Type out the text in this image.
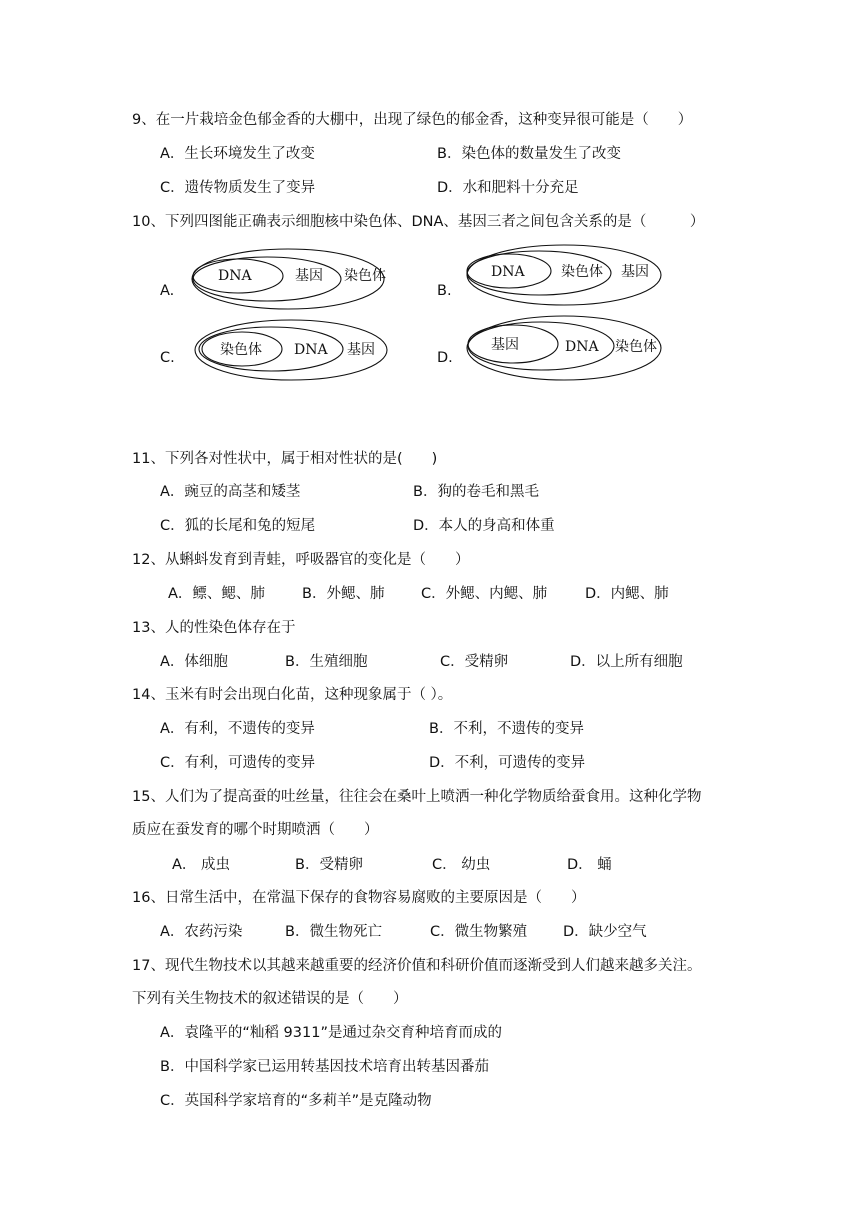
9、在一片栽培金色郁金香的大棚中，出现了绿色的郁金香，这种变异很可能是（　　）
A．生长环境发生了改变	B．染色体的数量发生了改变
C．遗传物质发生了变异	D．水和肥料十分充足
10、下列四图能正确表示细胞核中染色体、DNA、基因三者之间包含关系的是（　　　）
A.
DNA	基因 染色体
B.
DNA	染色体 基因
C.	染色体 DNA 基因	D.
基因	DNA 染色体
11、下列各对性状中，属于相对性状的是(　　)
A．豌豆的高茎和矮茎	B．狗的卷毛和黑毛
C．狐的长尾和兔的短尾	D．本人的身高和体重
12、从蝌蚪发育到青蛙，呼吸器官的变化是（　　）
A．鳔、鳃、肺	B．外鳃、肺	C．外鳃、内鳃、肺	D．内鳃、肺
13、人的性染色体存在于
A．体细胞	B．生殖细胞	C．受精卵	D．以上所有细胞
14、玉米有时会出现白化苗，这种现象属于（ ）。
A．有利，不遗传的变异	B．不利，不遗传的变异
C．有利，可遗传的变异	D．不利，可遗传的变异
15、人们为了提高蚕的吐丝量，往往会在桑叶上喷洒一种化学物质给蚕食用。这种化学物
质应在蚕发育的哪个时期喷洒（　　）
A． 成虫	B．受精卵	C． 幼虫	D． 蛹
16、日常生活中，在常温下保存的食物容易腐败的主要原因是（　　）
A．农药污染	B．微生物死亡	C．微生物繁殖 D．缺少空气
17、现代生物技术以其越来越重要的经济价值和科研价值而逐渐受到人们越来越多关注。
下列有关生物技术的叙述错误的是（　　）
A．袁隆平的“籼稻 9311”是通过杂交育种培育而成的
B．中国科学家已运用转基因技术培育出转基因番茄
C．英国科学家培育的“多莉羊”是克隆动物
